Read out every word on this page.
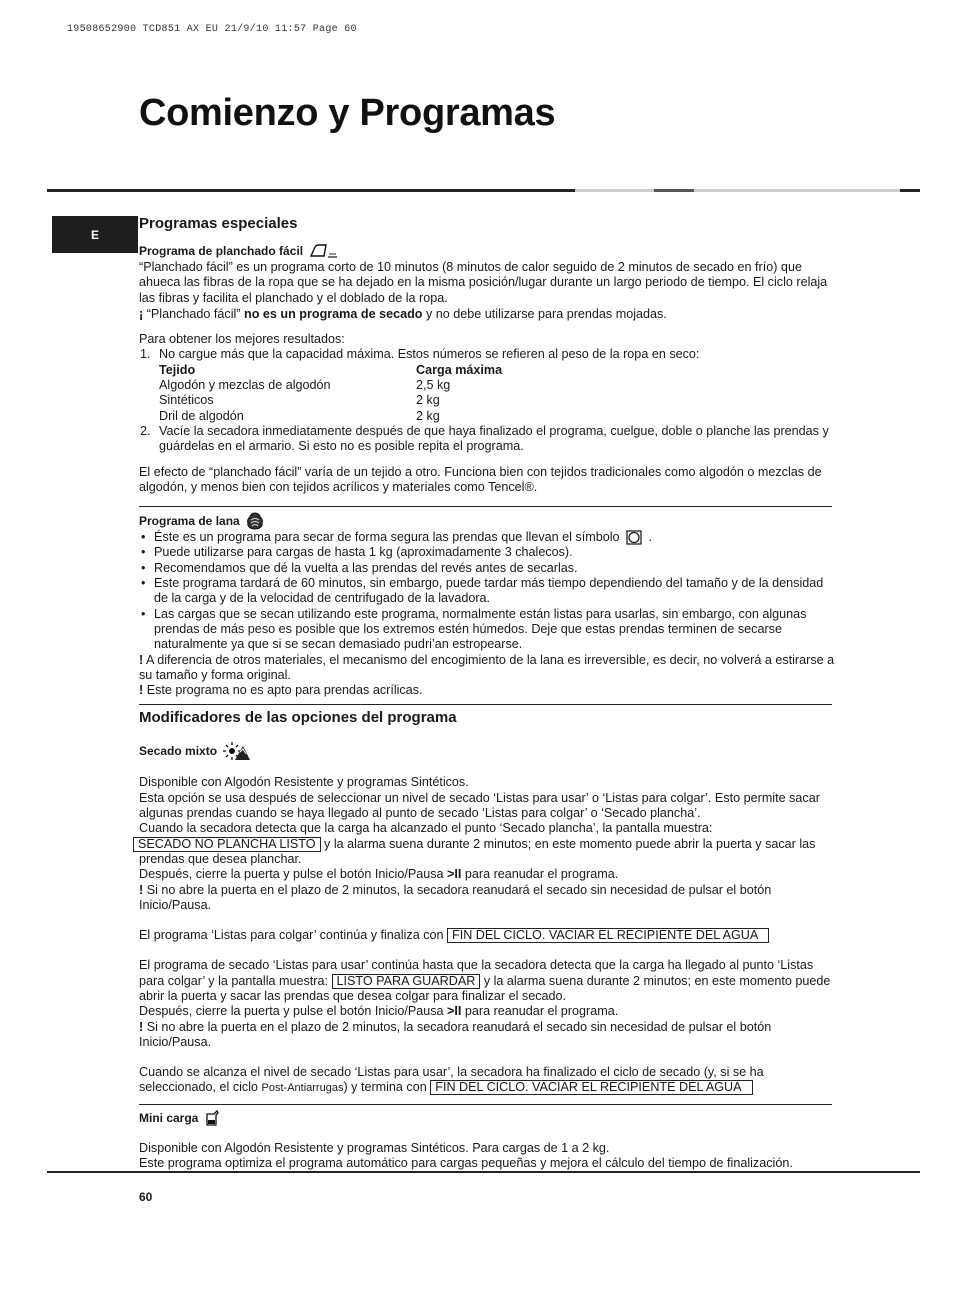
19508652900 TCD851 AX EU 21/9/10 11:57 Page 60
Comienzo y Programas
E
Programas especiales
Programa de planchado fácil

“Planchado fácil” es un programa corto de 10 minutos (8 minutos de calor seguido de 2 minutos de secado en frío) que ahueca las fibras de la ropa que se ha dejado en la misma posición/lugar durante un largo periodo de tiempo. El ciclo relaja las fibras y facilita el planchado y el doblado de la ropa.

¡ “Planchado fácil” no es un programa de secado y no debe utilizarse para prendas mojadas.

Para obtener los mejores resultados:

1. No cargue más que la capacidad máxima. Estos números se refieren al peso de la ropa en seco:
Tejido	Carga máxima
Algodón y mezclas de algodón	2,5 kg
Sintéticos	2 kg
Dril de algodón	2 kg
2. Vacíe la secadora inmediatamente después de que haya finalizado el programa, cuelgue, doble o planche las prendas y guárdelas en el armario. Si esto no es posible repita el programa.

El efecto de “planchado fácil” varía de un tejido a otro. Funciona bien con tejidos tradicionales como algodón o mezclas de algodón, y menos bien con tejidos acrílicos y materiales como Tencel®.

Programa de lana
• Éste es un programa para secar de forma segura las prendas que llevan el símbolo .
• Puede utilizarse para cargas de hasta 1 kg (aproximadamente 3 chalecos).
• Recomendamos que dé la vuelta a las prendas del revés antes de secarlas.
• Este programa tardará de 60 minutos, sin embargo, puede tardar más tiempo dependiendo del tamaño y de la densidad de la carga y de la velocidad de centrifugado de la lavadora.
• Las cargas que se secan utilizando este programa, normalmente están listas para usarlas, sin embargo, con algunas prendas de más peso es posible que los extremos estén húmedos. Deje que estas prendas terminen de secarse naturalmente ya que si se secan demasiado pudri’an estropearse.

! A diferencia de otros materiales, el mecanismo del encogimiento de la lana es irreversible, es decir, no volverá a estirarse a su tamaño y forma original.

! Este programa no es apto para prendas acrílicas.

Modificadores de las opciones del programa
Secado mixto

Disponible con Algodón Resistente y programas Sintéticos.

Esta opción se usa después de seleccionar un nivel de secado ‘Listas para usar’ o ‘Listas para colgar’. Esto permite sacar algunas prendas cuando se haya llegado al punto de secado ‘Listas para colgar’ o ‘Secado plancha’.

Cuando la secadora detecta que la carga ha alcanzado el punto ‘Secado plancha’, la pantalla muestra:

SECADO NO PLANCHA LISTO y la alarma suena durante 2 minutos; en este momento puede abrir la puerta y sacar las prendas que desea planchar.

Después, cierre la puerta y pulse el botón Inicio/Pausa >II para reanudar el programa.

! Si no abre la puerta en el plazo de 2 minutos, la secadora reanudará el secado sin necesidad de pulsar el botón Inicio/Pausa.

El programa ‘Listas para colgar’ continúa y finaliza con FIN DEL CICLO. VACIAR EL RECIPIENTE DEL AGUA

El programa de secado ‘Listas para usar’ continúa hasta que la secadora detecta que la carga ha llegado al punto ‘Listas para colgar’ y la pantalla muestra: LISTO PARA GUARDAR y la alarma suena durante 2 minutos; en este momento puede abrir la puerta y sacar las prendas que desea colgar para finalizar el secado.

Después, cierre la puerta y pulse el botón Inicio/Pausa >II para reanudar el programa.

! Si no abre la puerta en el plazo de 2 minutos, la secadora reanudará el secado sin necesidad de pulsar el botón Inicio/Pausa.

Cuando se alcanza el nivel de secado ‘Listas para usar’, la secadora ha finalizado el ciclo de secado (y, si se ha seleccionado, el ciclo Post-Antiarrugas) y termina con FIN DEL CICLO. VACIAR EL RECIPIENTE DEL AGUA

Mini carga

Disponible con Algodón Resistente y programas Sintéticos. Para cargas de 1 a 2 kg.

Este programa optimiza el programa automático para cargas pequeñas y mejora el cálculo del tiempo de finalización.

60
